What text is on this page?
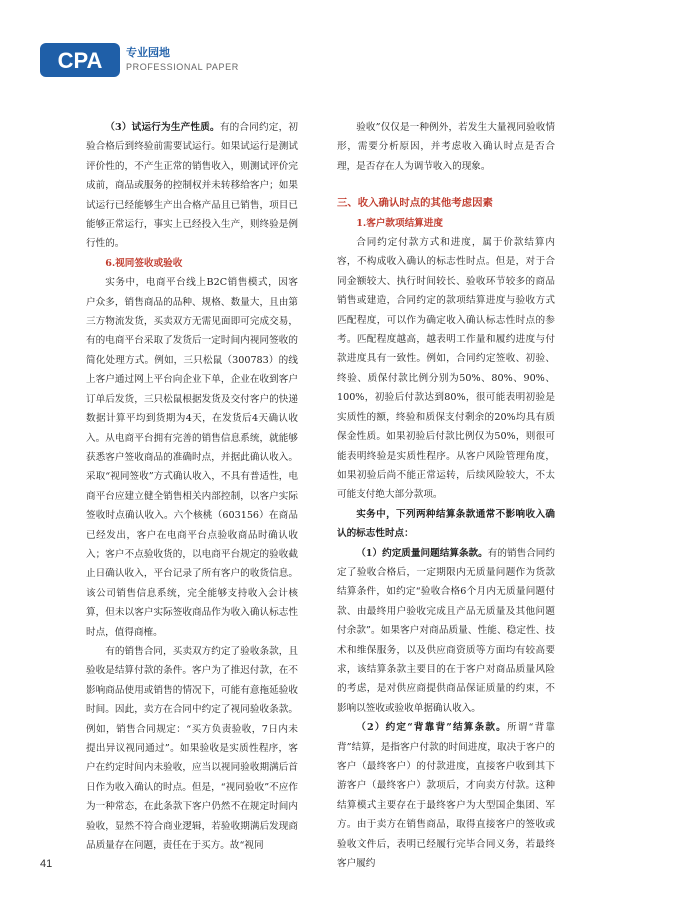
CPA 专业园地
PROFESSIONAL PAPER

（3）试运行为生产性质。有的合同约定，初验合格后到终验前需要试运行。如果试运行是测试评价性的，不产生正常的销售收入，则测试评价完成前，商品或服务的控制权并未转移给客户；如果试运行已经能够生产出合格产品且已销售，项目已能够正常运行，事实上已经投入生产，则终验是例行性的。

6.视同签收或验收

实务中，电商平台线上B2C销售模式，因客户众多，销售商品的品种、规格、数量大，且由第三方物流发货，买卖双方无需见面即可完成交易，有的电商平台采取了发货后一定时间内视同签收的简化处理方式。例如，三只松鼠（300783）的线上客户通过网上平台向企业下单，企业在收到客户订单后发货，三只松鼠根据发货及交付客户的快递数据计算平均到货期为4天，在发货后4天确认收入。从电商平台拥有完善的销售信息系统，就能够获悉客户签收商品的准确时点，并据此确认收入。采取“视同签收”方式确认收入，不具有普适性，电商平台应建立健全销售相关内部控制，以客户实际签收时点确认收入。六个核桃（603156）在商品已经发出，客户在电商平台点验收商品时确认收入；客户不点验收货的，以电商平台规定的验收截止日确认收入，平台记录了所有客户的收货信息。该公司销售信息系统，完全能够支持收入会计核算，但未以客户实际签收商品作为收入确认标志性时点，值得商榷。

有的销售合同，买卖双方约定了验收条款，且验收是结算付款的条件。客户为了推迟付款，在不影响商品使用或销售的情况下，可能有意拖延验收时间。因此，卖方在合同中约定了视同验收条款。例如，销售合同规定：“买方负责验收，7日内未提出异议视同通过”。如果验收是实质性程序，客户在约定时间内未验收，应当以视同验收期满后首日作为收入确认的时点。但是，“视同验收”不应作为一种常态，在此条款下客户仍然不在规定时间内验收，显然不符合商业逻辑，若验收期满后发现商品质量存在问题，责任在于买方。故“视同

验收”仅仅是一种例外，若发生大量视同验收情形，需要分析原因，并考虑收入确认时点是否合理，是否存在人为调节收入的现象。

三、收入确认时点的其他考虑因素
1.客户款项结算进度

合同约定付款方式和进度，属于价款结算内容，不构成收入确认的标志性时点。但是，对于合同金额较大、执行时间较长、验收环节较多的商品销售或建造，合同约定的款项结算进度与验收方式匹配程度，可以作为确定收入确认标志性时点的参考。匹配程度越高，越表明工作量和履约进度与付款进度具有一致性。例如，合同约定签收、初验、终验、质保付款比例分别为50%、80%、90%、100%，初验后付款达到80%，很可能表明初验是实质性的额，终验和质保支付剩余的20%均具有质保金性质。如果初验后付款比例仅为50%，则很可能表明终验是实质性程序。从客户风险管理角度，如果初验后尚不能正常运转，后续风险较大，不太可能支付绝大部分款项。

实务中，下列两种结算条款通常不影响收入确认的标志性时点：

（1）约定质量问题结算条款。有的销售合同约定了验收合格后，一定期限内无质量问题作为货款结算条件，如约定“验收合格6个月内无质量问题付款、由最终用户验收完成且产品无质量及其他问题付余款”。如果客户对商品质量、性能、稳定性、技术和维保服务，以及供应商资质等方面均有较高要求，该结算条款主要目的在于客户对商品质量风险的考虑，是对供应商提供商品保证质量的约束，不影响以签收或验收单据确认收入。

（2）约定“背靠背”结算条款。所谓“背靠背”结算，是指客户付款的时间进度，取决于客户的客户（最终客户）的付款进度，直接客户收到其下游客户（最终客户）款项后，才向卖方付款。这种结算模式主要存在于最终客户为大型国企集团、军方。由于卖方在销售商品，取得直接客户的签收或验收文件后，表明已经履行完毕合同义务，若最终客户履约

41
